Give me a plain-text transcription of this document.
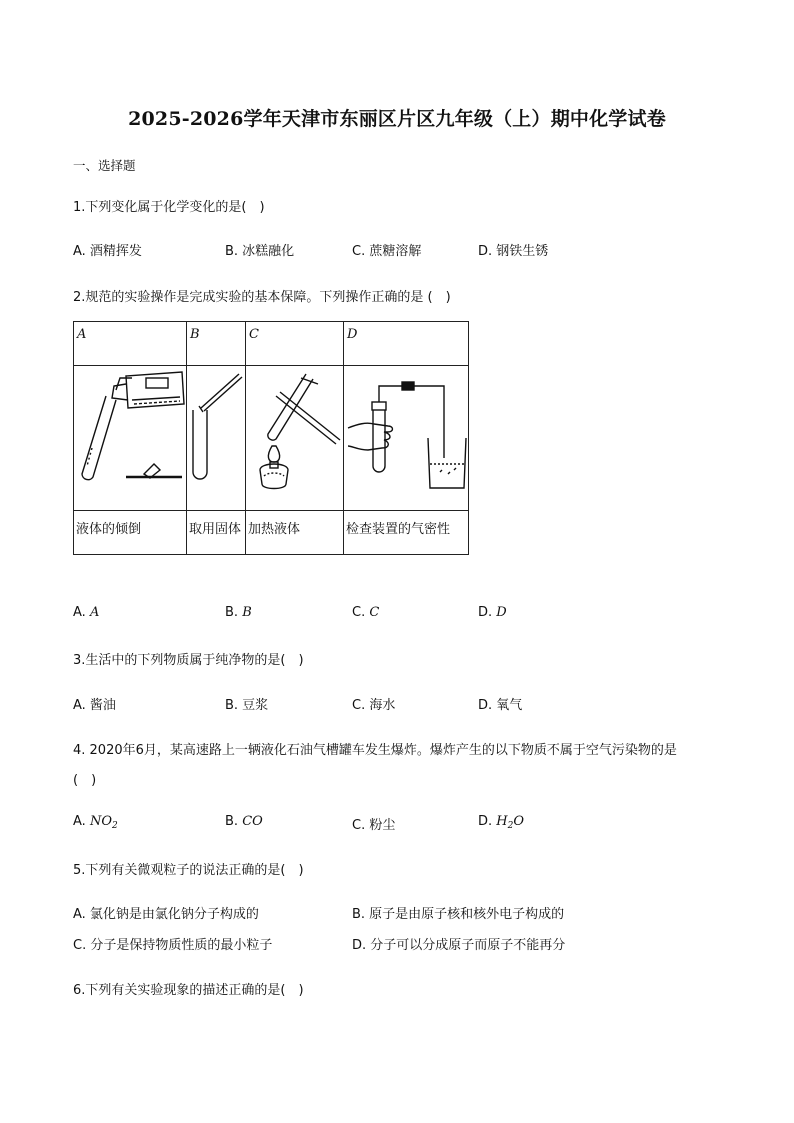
2025-2026学年天津市东丽区片区九年级（上）期中化学试卷
一、选择题
1.下列变化属于化学变化的是(　)
A. 酒精挥发	B. 冰糕融化	C. 蔗糖溶解	D. 钢铁生锈
2.规范的实验操作是完成实验的基本保障。下列操作正确的是 (　)
A	B	C	D

液体的倾倒	取用固体	加热液体	检查装置的气密性
A. A	B. B	C. C	D. D
3.生活中的下列物质属于纯净物的是(　)
A. 酱油	B. 豆浆	C. 海水	D. 氧气
4. 2020年6月，某高速路上一辆液化石油气槽罐车发生爆炸。爆炸产生的以下物质不属于空气污染物的是
(　)
A. $NO_2$	B. CO	C. 粉尘	D. $H_2O$
5.下列有关微观粒子的说法正确的是(　)
A. 氯化钠是由氯化钠分子构成的	B. 原子是由原子核和核外电子构成的
C. 分子是保持物质性质的最小粒子	D. 分子可以分成原子而原子不能再分
6.下列有关实验现象的描述正确的是(　)
